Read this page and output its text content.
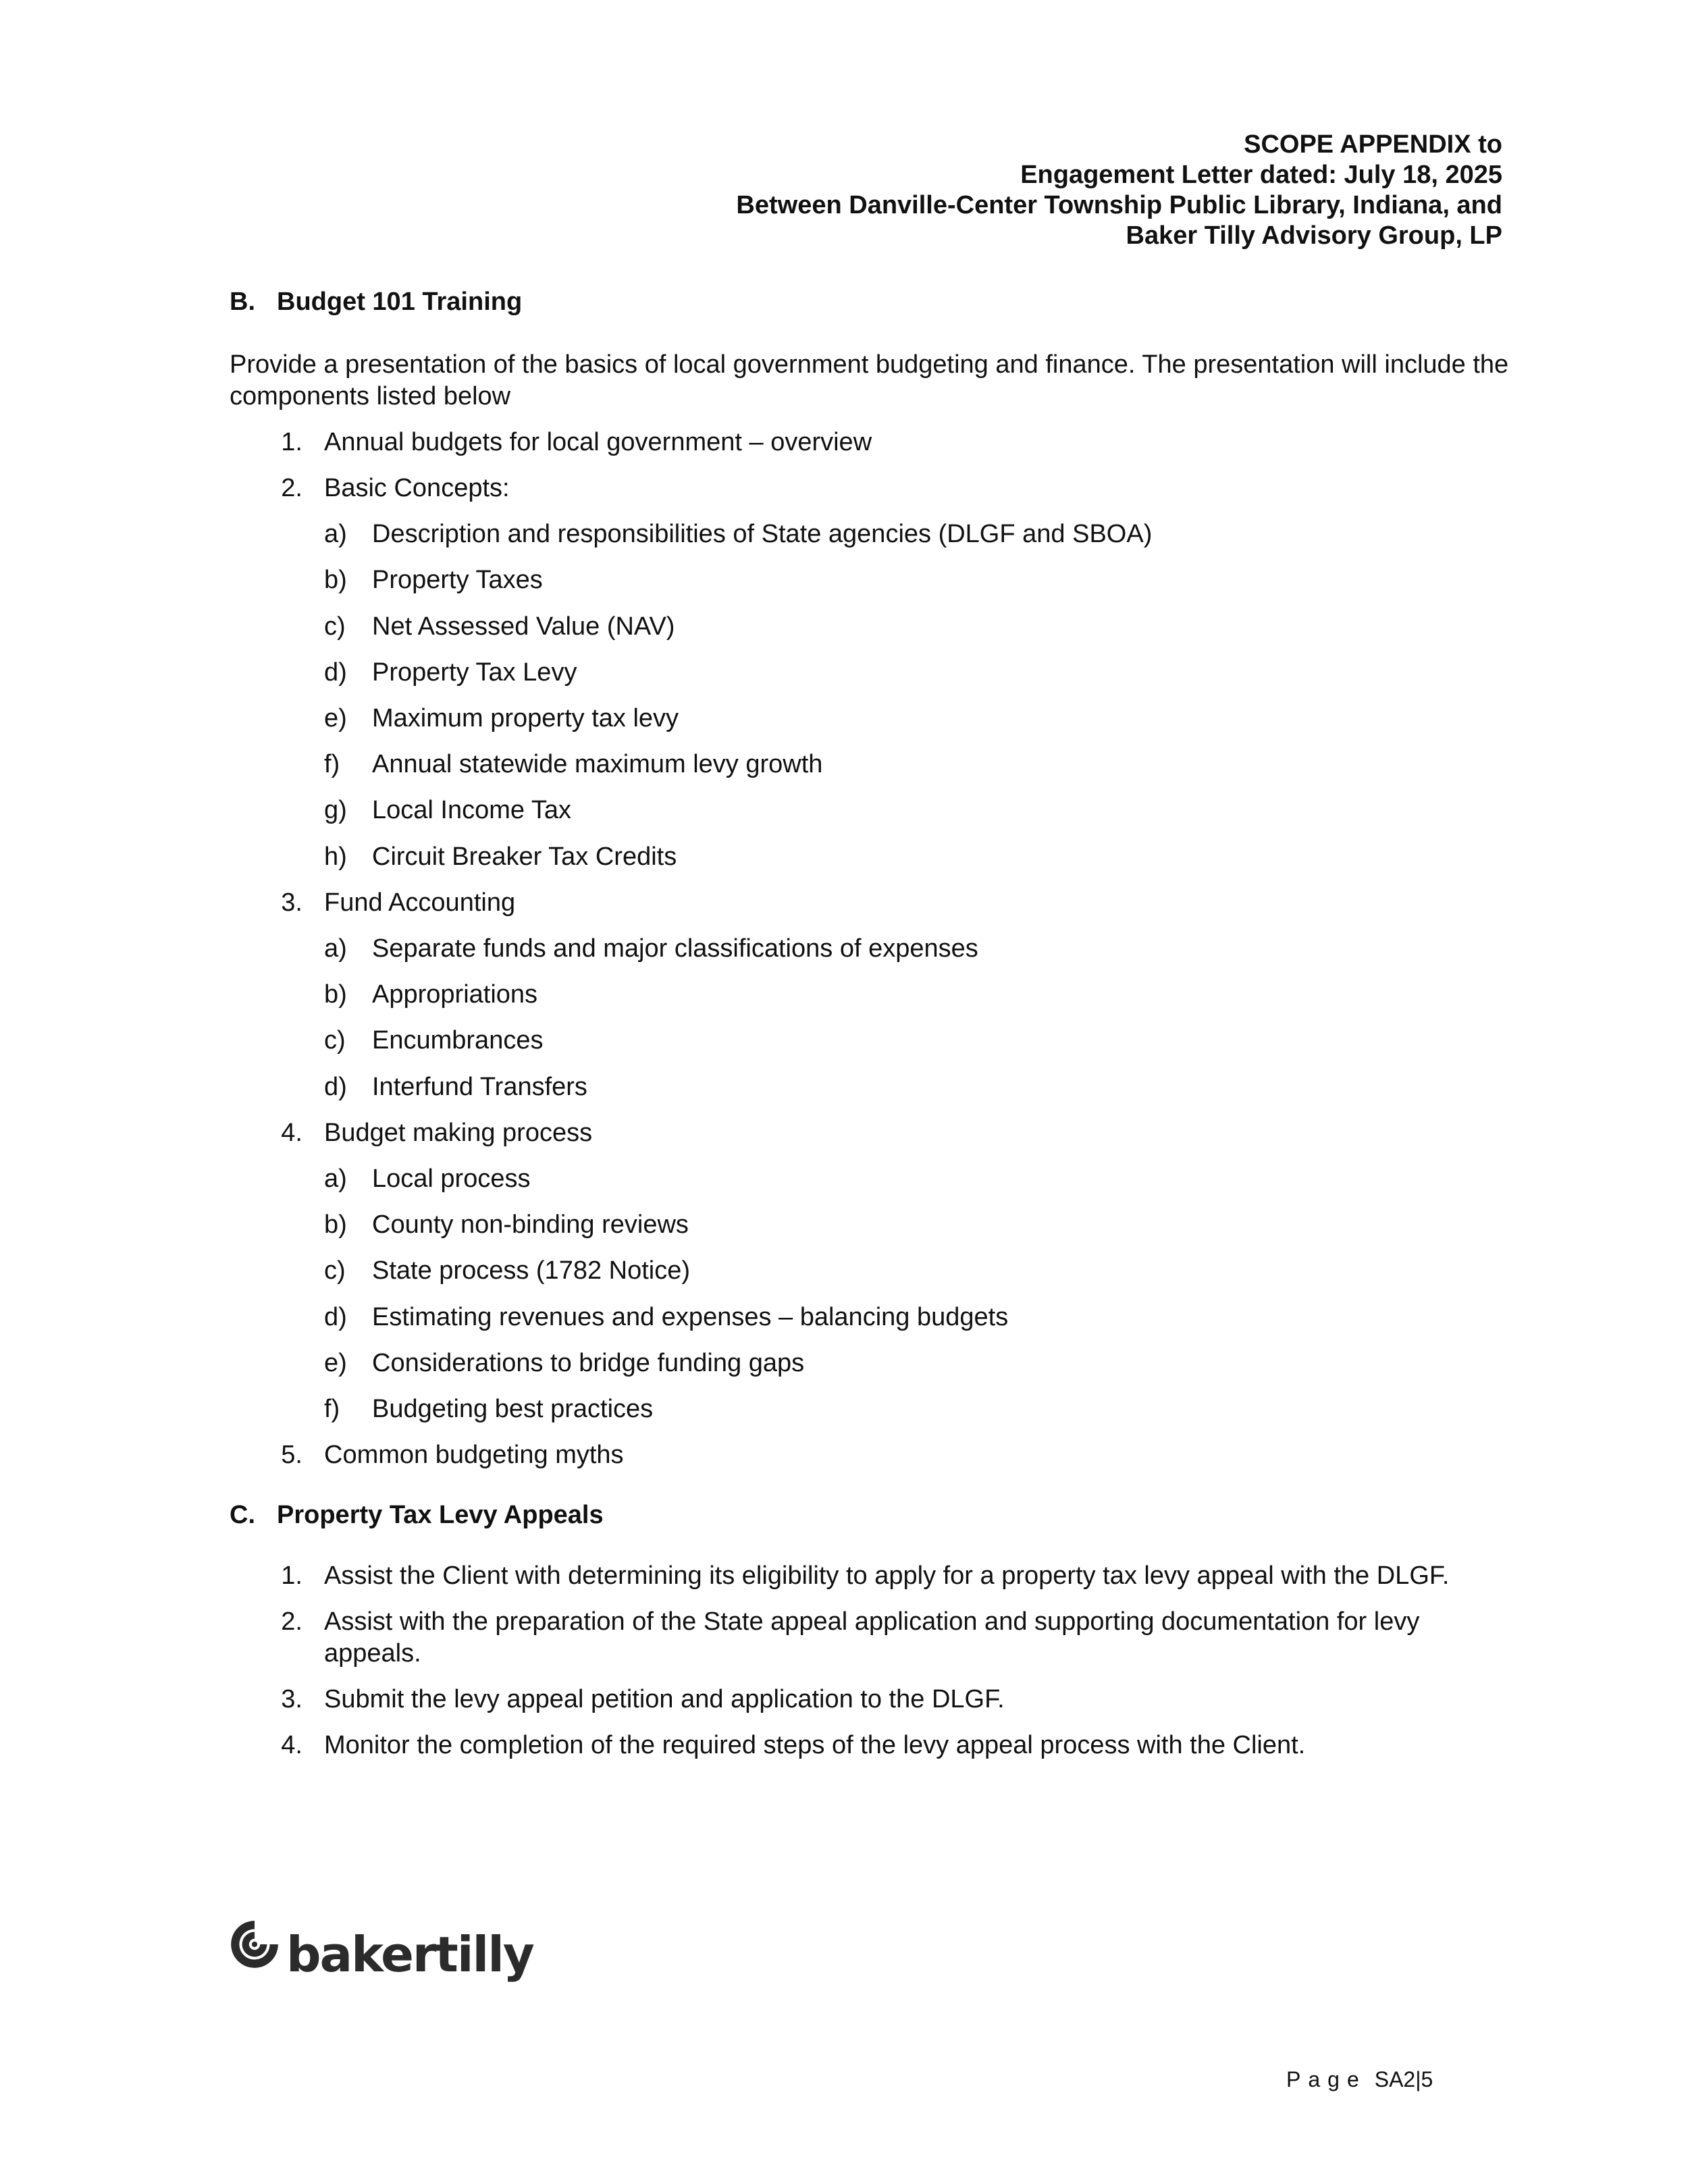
SCOPE APPENDIX to
Engagement Letter dated: July 18, 2025
Between Danville-Center Township Public Library, Indiana, and
Baker Tilly Advisory Group, LP
B. Budget 101 Training
Provide a presentation of the basics of local government budgeting and finance. The presentation will include the components listed below
1. Annual budgets for local government – overview
2. Basic Concepts:
a) Description and responsibilities of State agencies (DLGF and SBOA)
b) Property Taxes
c) Net Assessed Value (NAV)
d) Property Tax Levy
e) Maximum property tax levy
f) Annual statewide maximum levy growth
g) Local Income Tax
h) Circuit Breaker Tax Credits
3. Fund Accounting
a) Separate funds and major classifications of expenses
b) Appropriations
c) Encumbrances
d) Interfund Transfers
4. Budget making process
a) Local process
b) County non-binding reviews
c) State process (1782 Notice)
d) Estimating revenues and expenses – balancing budgets
e) Considerations to bridge funding gaps
f) Budgeting best practices
5. Common budgeting myths
C. Property Tax Levy Appeals
1. Assist the Client with determining its eligibility to apply for a property tax levy appeal with the DLGF.
2. Assist with the preparation of the State appeal application and supporting documentation for levy appeals.
3. Submit the levy appeal petition and application to the DLGF.
4. Monitor the completion of the required steps of the levy appeal process with the Client.
bakertilly
Page SA2|5
